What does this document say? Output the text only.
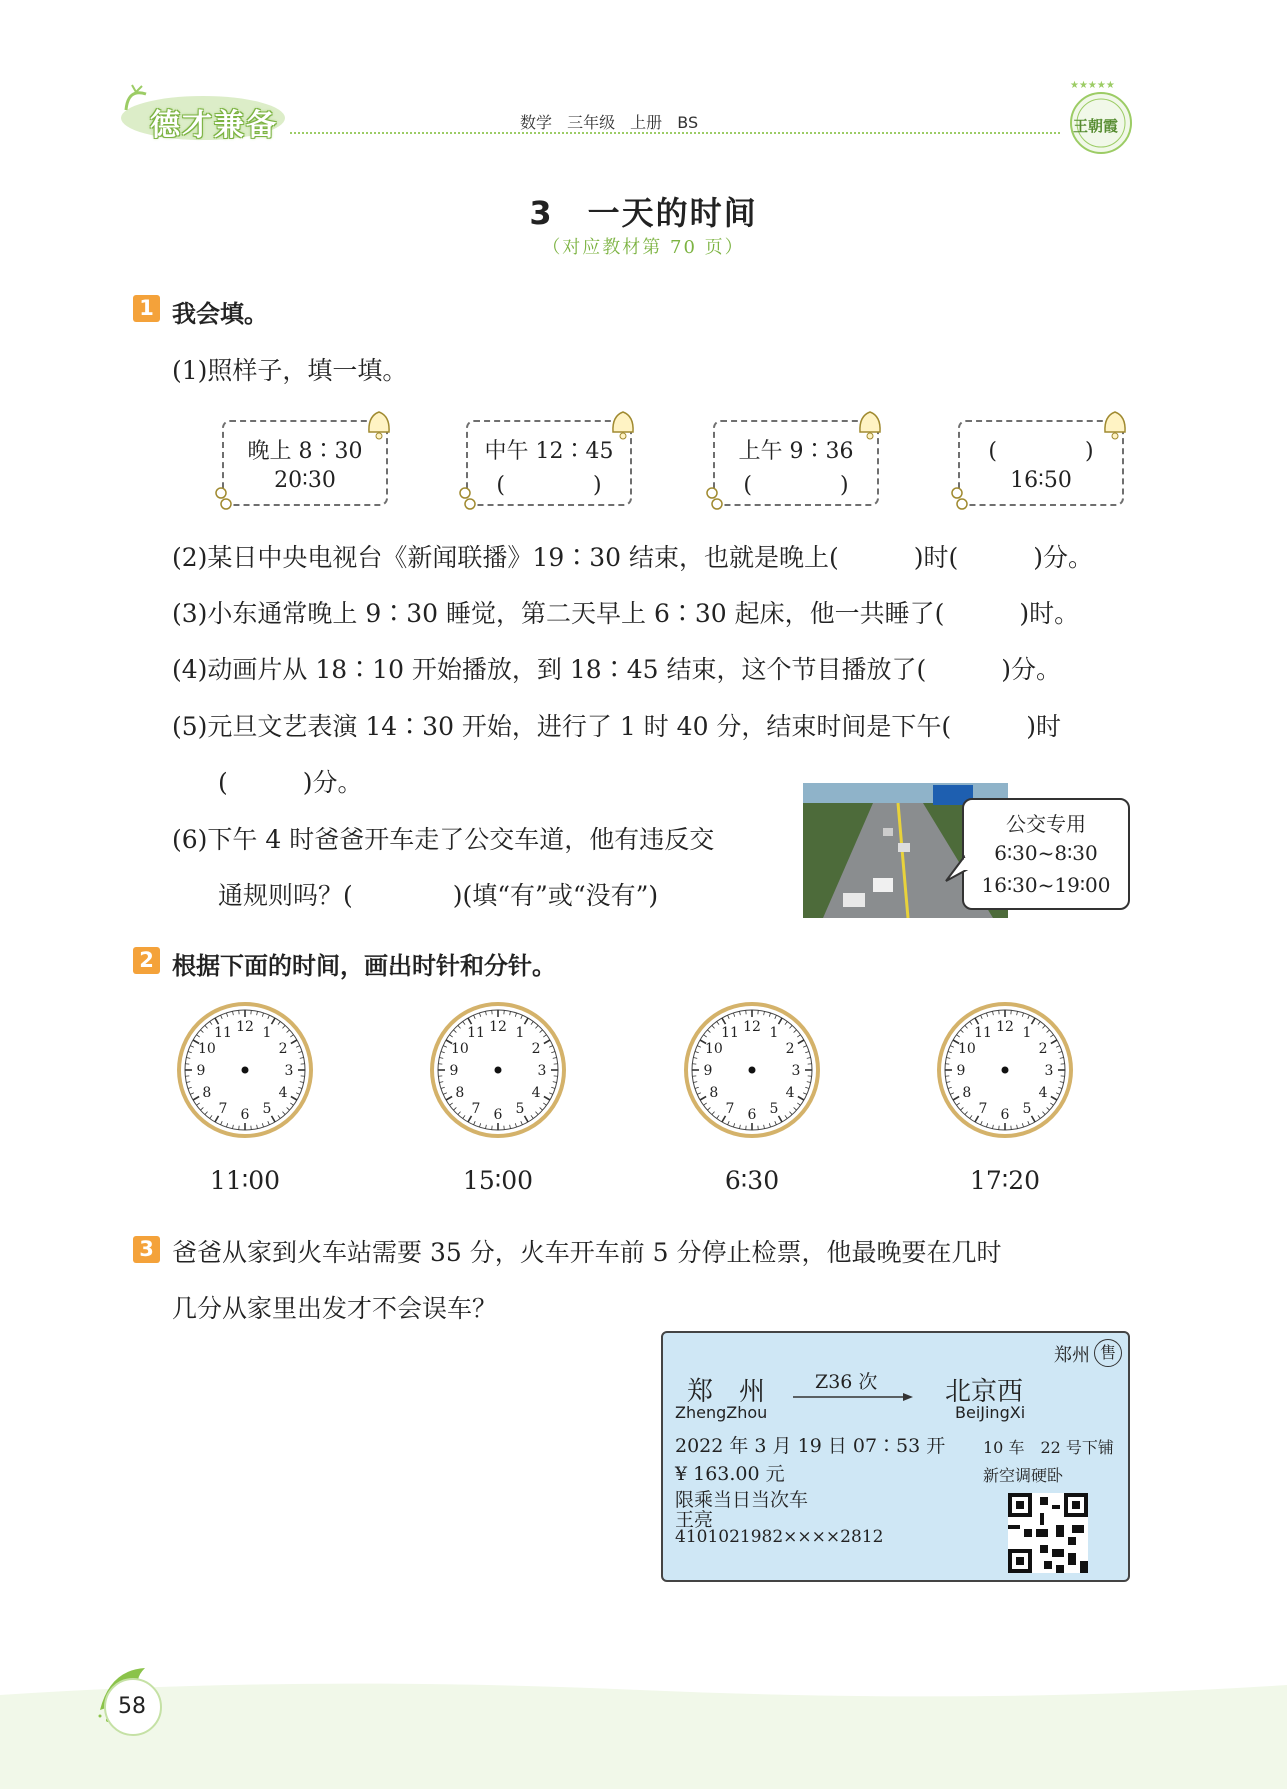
德才兼备	数学 三年级 上册 BS
★★★★★
王朝霞
3　一天的时间
（对应教材第 70 页）
1 我会填。
(1)照样子，填一填。
晚上 8∶30
20∶30
中午 12∶45
(　　　　)
上午 9∶36
(　　　　)
(　　　　)
16∶50
(2)某日中央电视台《新闻联播》19∶30 结束，也就是晚上(　　　)时(　　　)分。
(3)小东通常晚上 9∶30 睡觉，第二天早上 6∶30 起床，他一共睡了(　　　)时。
(4)动画片从 18∶10 开始播放，到 18∶45 结束，这个节目播放了(　　　)分。
(5)元旦文艺表演 14∶30 开始，进行了 1 时 40 分，结束时间是下午(　　　)时
(　　　)分。
(6)下午 4 时爸爸开车走了公交车道，他有违反交
通规则吗？(　　　　)(填“有”或“没有”)
公交专用
6∶30~8∶30
16∶30~19∶00
2 根据下面的时间，画出时针和分针。
12 1
2
3
4
5
6
7
8
9
10
11	12 1
2
3
4
5
6
7
8
9
10
11	12 1
2
3
4
5
6
7
8
9
10
11	12 1
2
3
4
5
6
7
8
9
10
11
11∶00	15∶00	6∶30	17∶20
3 爸爸从家到火车站需要 35 分，火车开车前 5 分停止检票，他最晚要在几时
几分从家里出发才不会误车？
郑州 售
郑　州
ZhengZhou
Z36 次	北京西
BeiJingXi
2022 年 3 月 19 日 07∶53 开 10 车　22 号下铺
¥ 163.00 元	新空调硬卧
限乘当日当次车
王亮
4101021982××××2812
58
